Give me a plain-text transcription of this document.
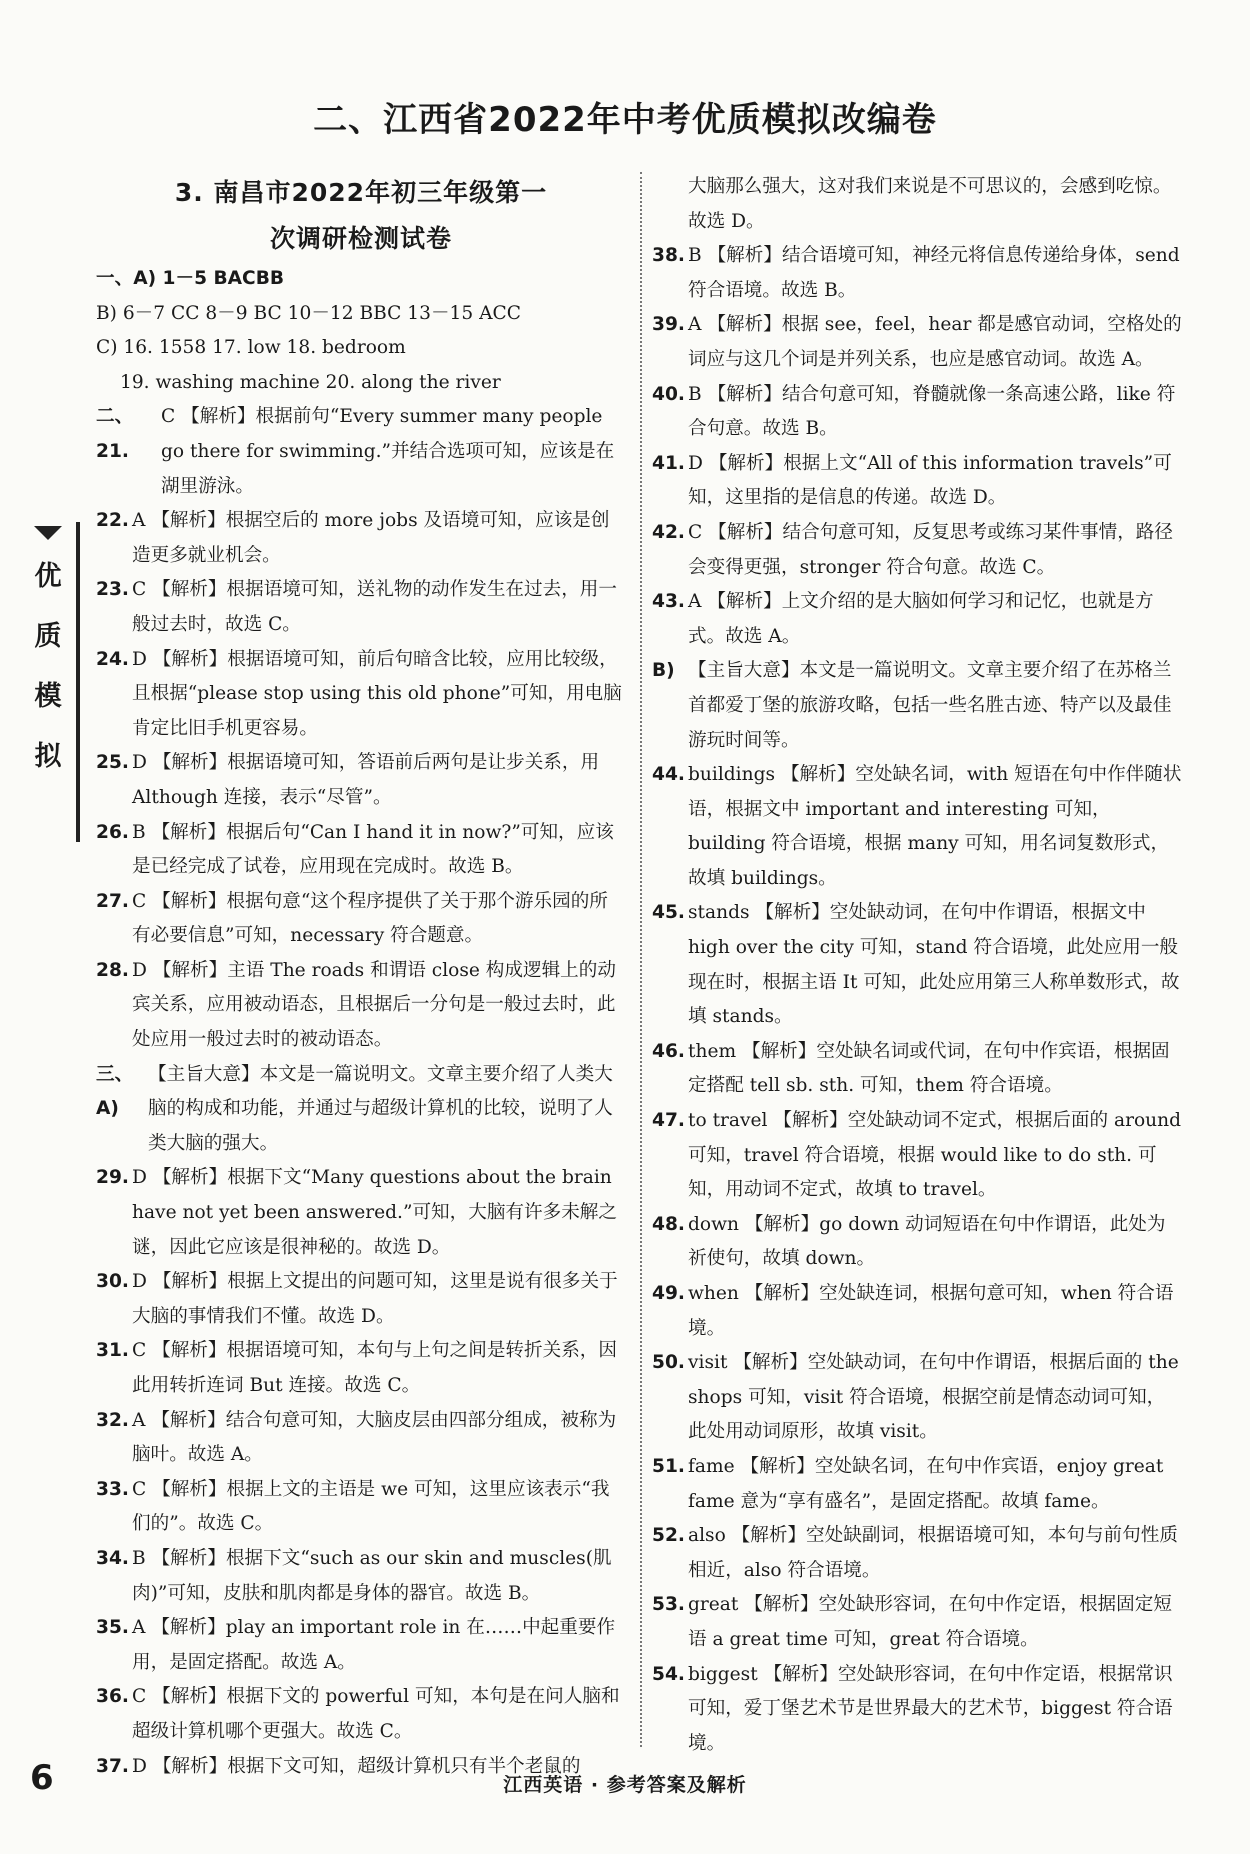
二、江西省2022年中考优质模拟改编卷
优
质
模
拟
3. 南昌市2022年初三年级第一
次调研检测试卷

一、A) 1－5 BACBB

B) 6－7 CC 8－9 BC 10－12 BBC 13－15 ACC

C) 16. 1558 17. low 18. bedroom

19. washing machine 20. along the river

二、21.
C 【解析】根据前句“Every summer many people go there for swimming.”并结合选项可知，应该是在湖里游泳。
22. A 【解析】根据空后的 more jobs 及语境可知，应该是创造更多就业机会。
23. C 【解析】根据语境可知，送礼物的动作发生在过去，用一般过去时，故选 C。
24. D 【解析】根据语境可知，前后句暗含比较，应用比较级，且根据“please stop using this old phone”可知，用电脑肯定比旧手机更容易。
25. D 【解析】根据语境可知，答语前后两句是让步关系，用 Although 连接，表示“尽管”。
26. B 【解析】根据后句“Can I hand it in now?”可知，应该是已经完成了试卷，应用现在完成时。故选 B。
27. C 【解析】根据句意“这个程序提供了关于那个游乐园的所有必要信息”可知，necessary 符合题意。
28. D 【解析】主语 The roads 和谓语 close 构成逻辑上的动宾关系，应用被动语态，且根据后一分句是一般过去时，此处应用一般过去时的被动语态。
三、A)
【主旨大意】本文是一篇说明文。文章主要介绍了人类大脑的构成和功能，并通过与超级计算机的比较，说明了人类大脑的强大。
29. D 【解析】根据下文“Many questions about the brain have not yet been answered.”可知，大脑有许多未解之谜，因此它应该是很神秘的。故选 D。
30. D 【解析】根据上文提出的问题可知，这里是说有很多关于大脑的事情我们不懂。故选 D。
31. C 【解析】根据语境可知，本句与上句之间是转折关系，因此用转折连词 But 连接。故选 C。
32. A 【解析】结合句意可知，大脑皮层由四部分组成，被称为脑叶。故选 A。
33. C 【解析】根据上文的主语是 we 可知，这里应该表示“我们的”。故选 C。
34. B 【解析】根据下文“such as our skin and muscles(肌肉)”可知，皮肤和肌肉都是身体的器官。故选 B。
35. A 【解析】play an important role in 在……中起重要作用，是固定搭配。故选 A。
36. C 【解析】根据下文的 powerful 可知，本句是在问人脑和超级计算机哪个更强大。故选 C。
37. D 【解析】根据下文可知，超级计算机只有半个老鼠的

大脑那么强大，这对我们来说是不可思议的，会感到吃惊。故选 D。

38. B 【解析】结合语境可知，神经元将信息传递给身体，send 符合语境。故选 B。
39. A 【解析】根据 see，feel，hear 都是感官动词，空格处的词应与这几个词是并列关系，也应是感官动词。故选 A。
40. B 【解析】结合句意可知，脊髓就像一条高速公路，like 符合句意。故选 B。
41. D 【解析】根据上文“All of this information travels”可知，这里指的是信息的传递。故选 D。
42. C 【解析】结合句意可知，反复思考或练习某件事情，路径会变得更强，stronger 符合句意。故选 C。
43. A 【解析】上文介绍的是大脑如何学习和记忆，也就是方式。故选 A。
B) 【主旨大意】本文是一篇说明文。文章主要介绍了在苏格兰首都爱丁堡的旅游攻略，包括一些名胜古迹、特产以及最佳游玩时间等。
44. buildings 【解析】空处缺名词，with 短语在句中作伴随状语，根据文中 important and interesting 可知，building 符合语境，根据 many 可知，用名词复数形式，故填 buildings。
45. stands 【解析】空处缺动词，在句中作谓语，根据文中 high over the city 可知，stand 符合语境，此处应用一般现在时，根据主语 It 可知，此处应用第三人称单数形式，故填 stands。
46. them 【解析】空处缺名词或代词，在句中作宾语，根据固定搭配 tell sb. sth. 可知，them 符合语境。
47. to travel 【解析】空处缺动词不定式，根据后面的 around 可知，travel 符合语境，根据 would like to do sth. 可知，用动词不定式，故填 to travel。
48. down 【解析】go down 动词短语在句中作谓语，此处为祈使句，故填 down。
49. when 【解析】空处缺连词，根据句意可知，when 符合语境。
50. visit 【解析】空处缺动词，在句中作谓语，根据后面的 the shops 可知，visit 符合语境，根据空前是情态动词可知，此处用动词原形，故填 visit。
51. fame 【解析】空处缺名词，在句中作宾语，enjoy great fame 意为“享有盛名”，是固定搭配。故填 fame。
52. also 【解析】空处缺副词，根据语境可知，本句与前句性质相近，also 符合语境。
53. great 【解析】空处缺形容词，在句中作定语，根据固定短语 a great time 可知，great 符合语境。
54. biggest 【解析】空处缺形容词，在句中作定语，根据常识可知，爱丁堡艺术节是世界最大的艺术节，biggest 符合语境。
6	江西英语 · 参考答案及解析
